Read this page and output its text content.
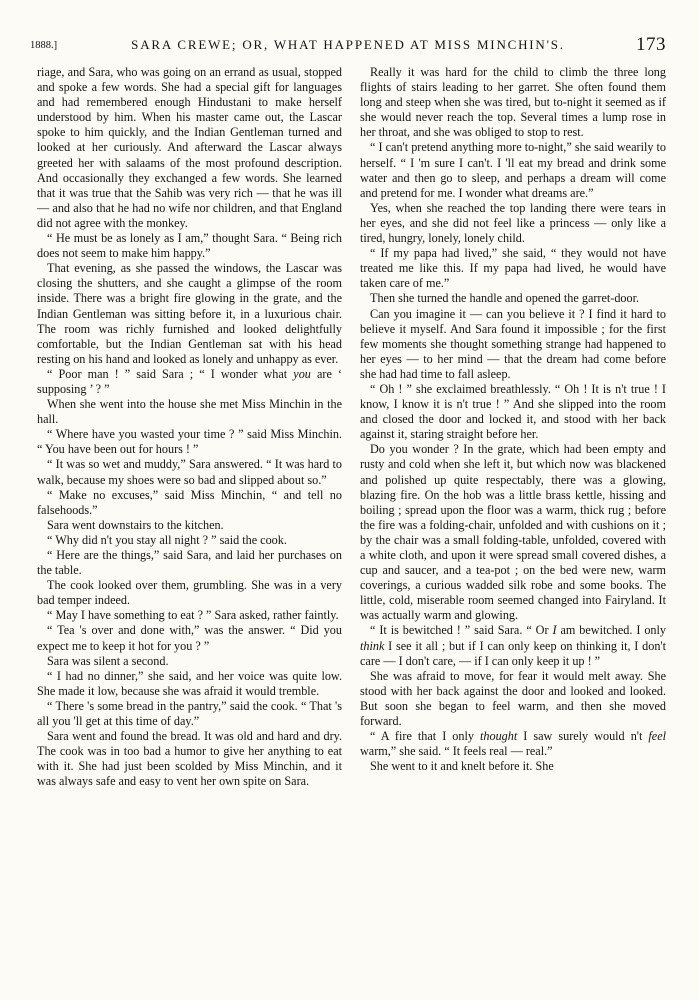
1888.]	SARA CREWE; OR, WHAT HAPPENED AT MISS MINCHIN'S.	173

riage, and Sara, who was going on an errand as usual, stopped and spoke a few words. She had a special gift for languages and had remembered enough Hindustani to make herself understood by him. When his master came out, the Lascar spoke to him quickly, and the Indian Gentleman turned and looked at her curiously. And afterward the Lascar always greeted her with salaams of the most profound description. And occasionally they exchanged a few words. She learned that it was true that the Sahib was very rich — that he was ill — and also that he had no wife nor children, and that England did not agree with the monkey.

“ He must be as lonely as I am,” thought Sara. “ Being rich does not seem to make him happy.”

That evening, as she passed the windows, the Lascar was closing the shutters, and she caught a glimpse of the room inside. There was a bright fire glowing in the grate, and the Indian Gentleman was sitting before it, in a luxurious chair. The room was richly furnished and looked delightfully comfortable, but the Indian Gentleman sat with his head resting on his hand and looked as lonely and unhappy as ever.

“ Poor man ! ” said Sara ; “ I wonder what you are ‘ supposing ’ ? ”

When she went into the house she met Miss Minchin in the hall.

“ Where have you wasted your time ? ” said Miss Minchin. “ You have been out for hours ! ”

“ It was so wet and muddy,” Sara answered. “ It was hard to walk, because my shoes were so bad and slipped about so.”

“ Make no excuses,” said Miss Minchin, “ and tell no falsehoods.”

Sara went downstairs to the kitchen.

“ Why did n't you stay all night ? ” said the cook.

“ Here are the things,” said Sara, and laid her purchases on the table.

The cook looked over them, grumbling. She was in a very bad temper indeed.

“ May I have something to eat ? ” Sara asked, rather faintly.

“ Tea 's over and done with,” was the answer. “ Did you expect me to keep it hot for you ? ”

Sara was silent a second.

“ I had no dinner,” she said, and her voice was quite low. She made it low, because she was afraid it would tremble.

“ There 's some bread in the pantry,” said the cook. “ That 's all you 'll get at this time of day.”

Sara went and found the bread. It was old and hard and dry. The cook was in too bad a humor to give her anything to eat with it. She had just been scolded by Miss Minchin, and it was always safe and easy to vent her own spite on Sara.

Really it was hard for the child to climb the three long flights of stairs leading to her garret. She often found them long and steep when she was tired, but to-night it seemed as if she would never reach the top. Several times a lump rose in her throat, and she was obliged to stop to rest.

“ I can't pretend anything more to-night,” she said wearily to herself. “ I 'm sure I can't. I 'll eat my bread and drink some water and then go to sleep, and perhaps a dream will come and pretend for me. I wonder what dreams are.”

Yes, when she reached the top landing there were tears in her eyes, and she did not feel like a princess — only like a tired, hungry, lonely, lonely child.

“ If my papa had lived,” she said, “ they would not have treated me like this. If my papa had lived, he would have taken care of me.”

Then she turned the handle and opened the garret-door.

Can you imagine it — can you believe it ? I find it hard to believe it myself. And Sara found it impossible ; for the first few moments she thought something strange had happened to her eyes — to her mind — that the dream had come before she had had time to fall asleep.

“ Oh ! ” she exclaimed breathlessly. “ Oh ! It is n't true ! I know, I know it is n't true ! ” And she slipped into the room and closed the door and locked it, and stood with her back against it, staring straight before her.

Do you wonder ? In the grate, which had been empty and rusty and cold when she left it, but which now was blackened and polished up quite respectably, there was a glowing, blazing fire. On the hob was a little brass kettle, hissing and boiling ; spread upon the floor was a warm, thick rug ; before the fire was a folding-chair, unfolded and with cushions on it ; by the chair was a small folding-table, unfolded, covered with a white cloth, and upon it were spread small covered dishes, a cup and saucer, and a tea-pot ; on the bed were new, warm coverings, a curious wadded silk robe and some books. The little, cold, miserable room seemed changed into Fairyland. It was actually warm and glowing.

“ It is bewitched ! ” said Sara. “ Or I am bewitched. I only think I see it all ; but if I can only keep on thinking it, I don't care — I don't care, — if I can only keep it up ! ”

She was afraid to move, for fear it would melt away. She stood with her back against the door and looked and looked. But soon she began to feel warm, and then she moved forward.

“ A fire that I only thought I saw surely would n't feel warm,” she said. “ It feels real — real.”

She went to it and knelt before it. She
